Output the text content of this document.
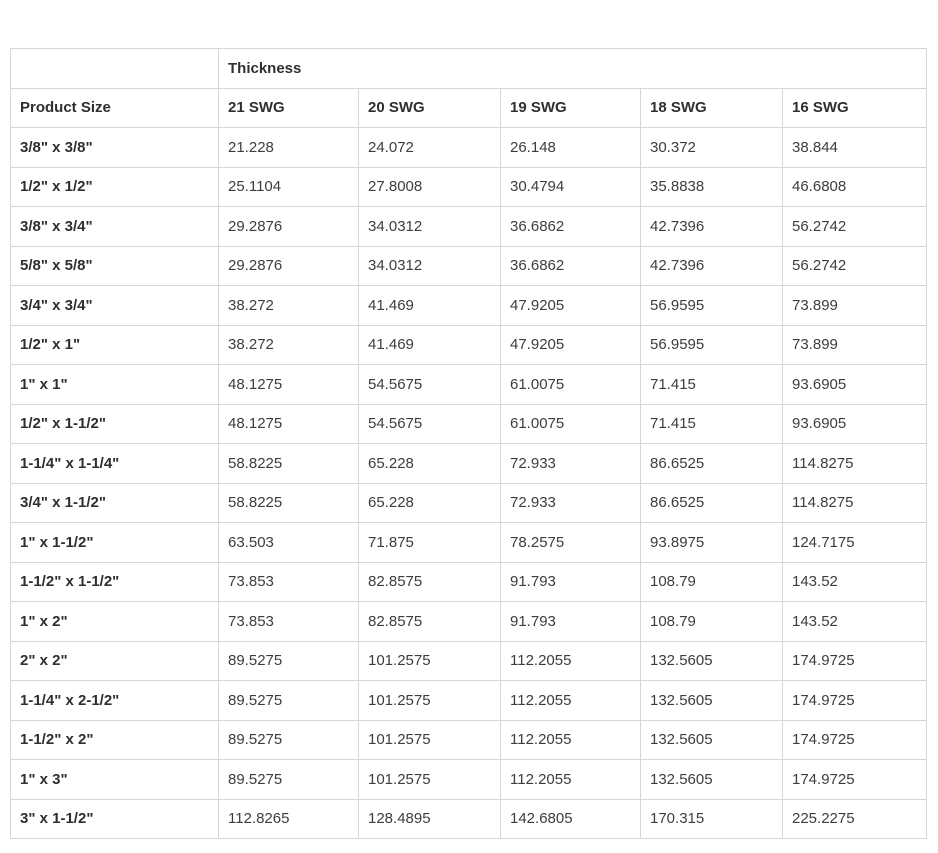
	Thickness				
Product Size	21 SWG	20 SWG	19 SWG	18 SWG	16 SWG
3/8" x 3/8"	21.228	24.072	26.148	30.372	38.844
1/2" x 1/2"	25.1104	27.8008	30.4794	35.8838	46.6808
3/8" x 3/4"	29.2876	34.0312	36.6862	42.7396	56.2742
5/8" x 5/8"	29.2876	34.0312	36.6862	42.7396	56.2742
3/4" x 3/4"	38.272	41.469	47.9205	56.9595	73.899
1/2" x 1"	38.272	41.469	47.9205	56.9595	73.899
1" x 1"	48.1275	54.5675	61.0075	71.415	93.6905
1/2" x 1-1/2"	48.1275	54.5675	61.0075	71.415	93.6905
1-1/4" x 1-1/4"	58.8225	65.228	72.933	86.6525	114.8275
3/4" x 1-1/2"	58.8225	65.228	72.933	86.6525	114.8275
1" x 1-1/2"	63.503	71.875	78.2575	93.8975	124.7175
1-1/2" x 1-1/2"	73.853	82.8575	91.793	108.79	143.52
1" x 2"	73.853	82.8575	91.793	108.79	143.52
2" x 2"	89.5275	101.2575	112.2055	132.5605	174.9725
1-1/4" x 2-1/2"	89.5275	101.2575	112.2055	132.5605	174.9725
1-1/2" x 2"	89.5275	101.2575	112.2055	132.5605	174.9725
1" x 3"	89.5275	101.2575	112.2055	132.5605	174.9725
3" x 1-1/2"	112.8265	128.4895	142.6805	170.315	225.2275
